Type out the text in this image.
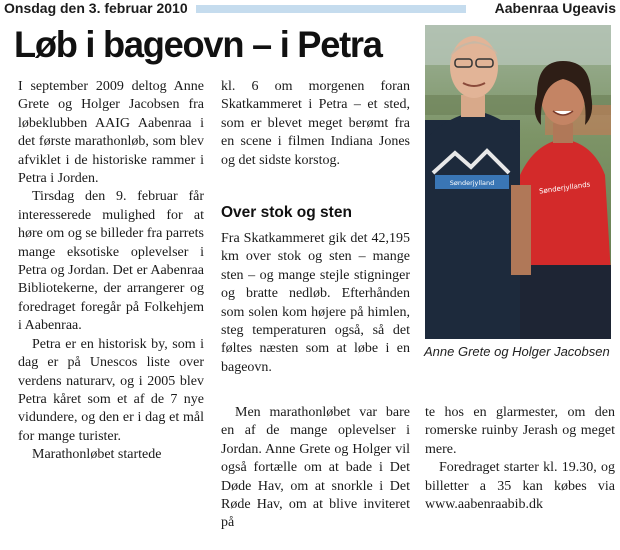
Onsdag den 3. februar 2010	Aabenraa Ugeavis
Løb i bageovn – i Petra

I september 2009 deltog Anne Grete og Holger Jacobsen fra løbeklubben AAIG Aabenraa i det første marathonløb, som blev afviklet i de historiske rammer i Petra i Jorden.

Tirsdag den 9. februar får interesserede mulighed for at høre om og se billeder fra parrets mange eksotiske oplevelser i Petra og Jordan. Det er Aabenraa Bibliotekerne, der arrangerer og foredraget foregår på Folkehjem i Aabenraa.

Petra er en historisk by, som i dag er på Unescos liste over verdens naturarv, og i 2005 blev Petra kåret som et af de 7 nye vidundere, og den er i dag et mål for mange turister.

Marathonløbet startede

kl. 6 om morgenen foran Skatkammeret i Petra – et sted, som er blevet meget berømt fra en scene i filmen Indiana Jones og det sidste korstog.

Over stok og sten

Fra Skatkammeret gik det 42,195 km over stok og sten – mange sten – og mange stejle stigninger og bratte nedløb. Efterhånden som solen kom højere på himlen, steg temperaturen også, så det føltes næsten som at løbe i en bageovn.

Men marathonløbet var bare en af de mange oplevelser i Jordan. Anne Grete og Holger vil også fortælle om at bade i Det Døde Hav, om at snorkle i Det Røde Hav, om at blive inviteret på

Sønderjylland	Sønderjyllands
Anne Grete og Holger Jacobsen

te hos en glarmester, om den romerske ruinby Jerash og meget mere.

Foredraget starter kl. 19.30, og billetter a 35 kan købes via www.aabenraabib.dk
